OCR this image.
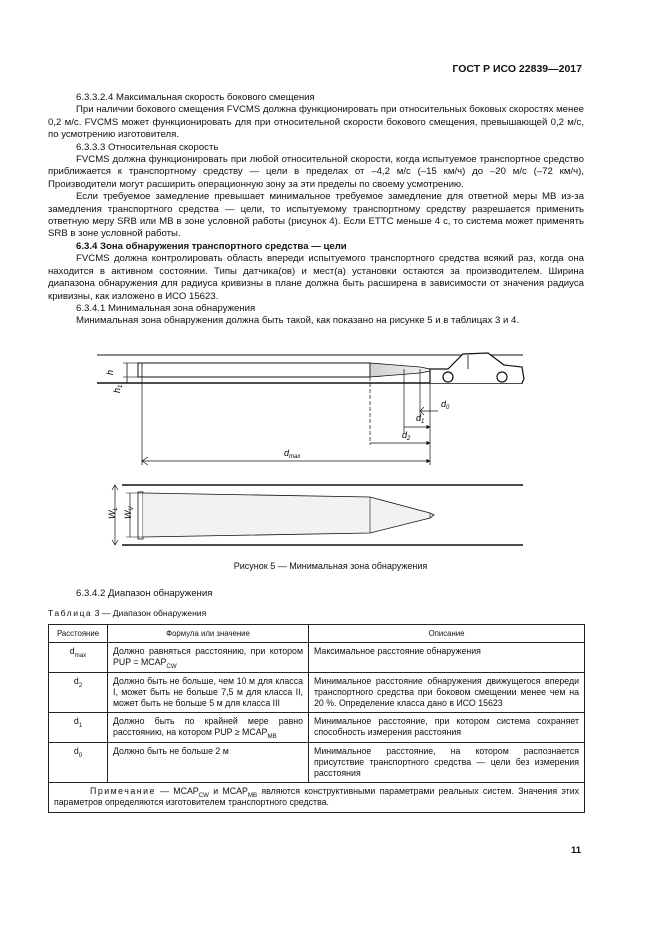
ГОСТ Р ИСО 22839—2017

6.3.3.2.4 Максимальная скорость бокового смещения

При наличии бокового смещения FVCMS должна функционировать при относительных боковых скоростях менее 0,2 м/с. FVCMS может функционировать для при относительной скорости бокового смещения, превышающей 0,2 м/с, по усмотрению изготовителя.

6.3.3.3 Относительная скорость

FVCMS должна функционировать при любой относительной скорости, когда испытуемое транспортное средство приближается к транспортному средству — цели в пределах от –4,2 м/с (–15 км/ч) до –20 м/с (–72 км/ч), Производители могут расширить операционную зону за эти пределы по своему усмотрению.

Если требуемое замедление превышает минимальное требуемое замедление для ответной меры MB из-за замедления транспортного средства — цели, то испытуемому транспортному средству разрешается применить ответную меру SRB или MB в зоне условной работы (рисунок 4). Если ETTC меньше 4 с, то система может применять SRB в зоне условной работы.

6.3.4 Зона обнаружения транспортного средства — цели

FVCMS должна контролировать область впереди испытуемого транспортного средства всякий раз, когда она находится в активном состоянии. Типы датчика(ов) и мест(а) установки остаются за производителем. Ширина диапазона обнаружения для радиуса кривизны в плане должна быть расширена в зависимости от значения радиуса кривизны, как изложено в ИСО 15623.

6.3.4.1 Минимальная зона обнаружения

Минимальная зона обнаружения должна быть такой, как показано на рисунке 5 и в таблицах 3 и 4.

h
$h_1$
$d_0$
$d_1$
$d_2$
$d_{max}$
$W_L$
$W_V$
Рисунок 5 — Минимальная зона обнаружения
6.3.4.2 Диапазон обнаружения
Таблица 3 — Диапазон обнаружения
Расстояние	Формула или значение	Описание
$d_{max}$	Должно равняться расстоянию, при котором PUP = $MCAP_{CW}$	Максимальное расстояние обнаружения
$d_2$	Должно быть не больше, чем 10 м для класса I, может быть не больше 7,5 м для класса II, может быть не больше 5 м для класса III	Минимальное расстояние обнаружения движущегося впереди транспортного средства при боковом смещении менее чем на 20 %. Определение класса дано в ИСО 15623
$d_1$	Должно быть по крайней мере равно расстоянию, на котором PUP ≥ $MCAP_{MB}$	Минимальное расстояние, при котором система сохраняет способность измерения расстояния
$d_0$	Должно быть не больше 2 м	Минимальное расстояние, на котором распознается присутствие транспортного средства — цели без измерения расстояния
Примечание — $MCAP_{CW}$ и $MCAP_{MB}$ являются конструктивными параметрами реальных систем. Значения этих параметров определяются изготовителем транспортного средства.		
11
